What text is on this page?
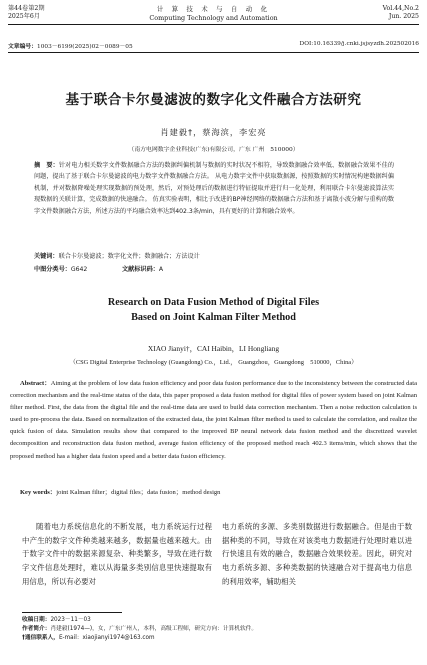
第44卷第2期
2025年6月
计 算 技 术 与 自 动 化
Computing Technology and Automation
Vol.44,No.2
Jun. 2025
文章编号：1003－6199(2025)02－0089－05	DOI:10.16339/j.cnki.jsjsyzdh.202502016
基于联合卡尔曼滤波的数字化文件融合方法研究
肖建毅†，蔡海滨，李宏亮
（南方电网数字企业科技(广东)有限公司，广东 广州　510000）
摘　要：针对电力相关数字文件数据融合方法的数据纠偏机制与数据的实时状况不相符，导致数据融合效率低、数据融合效果不佳的问题，提出了基于联合卡尔曼滤波的电力数字文件数据融合方法。 从电力数字文件中获取数据源，按照数据的实时情况构建数据纠偏机制，并对数据降噪处理实现数据的预处理，然后，对预处理后的数据进行特征提取并进行归一化处理，利用联合卡尔曼滤波算法实现数据的关联计算，完成数据的快速融合。 仿真实验表明，相比于改进的BP神经网络的数据融合方法和基于离散小波分解与重构的数字文件数据融合方法，所述方法的平均融合效率达到402.3条/min，具有更好的计算和融合效率。
关键词：联合卡尔曼滤波；数字化文件；数据融合；方法设计
中图分类号：G642	文献标识码：A
Research on Data Fusion Method of Digital Files
Based on Joint Kalman Filter Method
XIAO Jianyi†，CAI Haibin，LI Hongliang
（CSG Digital Enterprise Technology (Guangdong) Co.，Ltd.， Guangzhou，Guangdong　510000，China）
Abstract：Aiming at the problem of low data fusion efficiency and poor data fusion performance due to the inconsistency between the constructed data correction mechanism and the real-time status of the data, this paper proposed a data fusion method for digital files of power system based on joint Kalman filter method. First, the data from the digital file and the real-time data are used to build data correction mechanism. Then a noise reduction calculation is used to pre-process the data. Based on normalization of the extracted data, the joint Kalman filter method is used to calculate the correlation, and realize the quick fusion of data. Simulation results show that compared to the improved BP neural network data fusion method and the discretized wavelet decomposition and reconstruction data fusion method, average fusion efficiency of the proposed method reach 402.3 items/min, which shows that the proposed method has a higher data fusion speed and a better data fusion efficiency.
Key words：joint Kalman filter；digital files；data fusion；method design
随着电力系统信息化的不断发展，电力系统运行过程中产生的数字文件种类越来越多，数据量也越来越大。由于数字文件中的数据来源复杂、种类繁多，导致在进行数字文件信息处理时，难以从海量多类别信息里快速提取有用信息，所以有必要对
电力系统的多源、多类别数据进行数据融合。但是由于数据种类的不同，导致在对该类电力数据进行处理时难以进行快速且有效的融合，数据融合效果较差。因此，研究对电力系统多源、多种类数据的快速融合对于提高电力信息的利用效率，辅助相关
收稿日期：2023－11－03
作者简介：肖建毅(1974—)，女，广东广州人，本科，高级工程师，研究方向：计算机软件。
†通信联系人，E-mail：xiaojianyi1974@163.com
